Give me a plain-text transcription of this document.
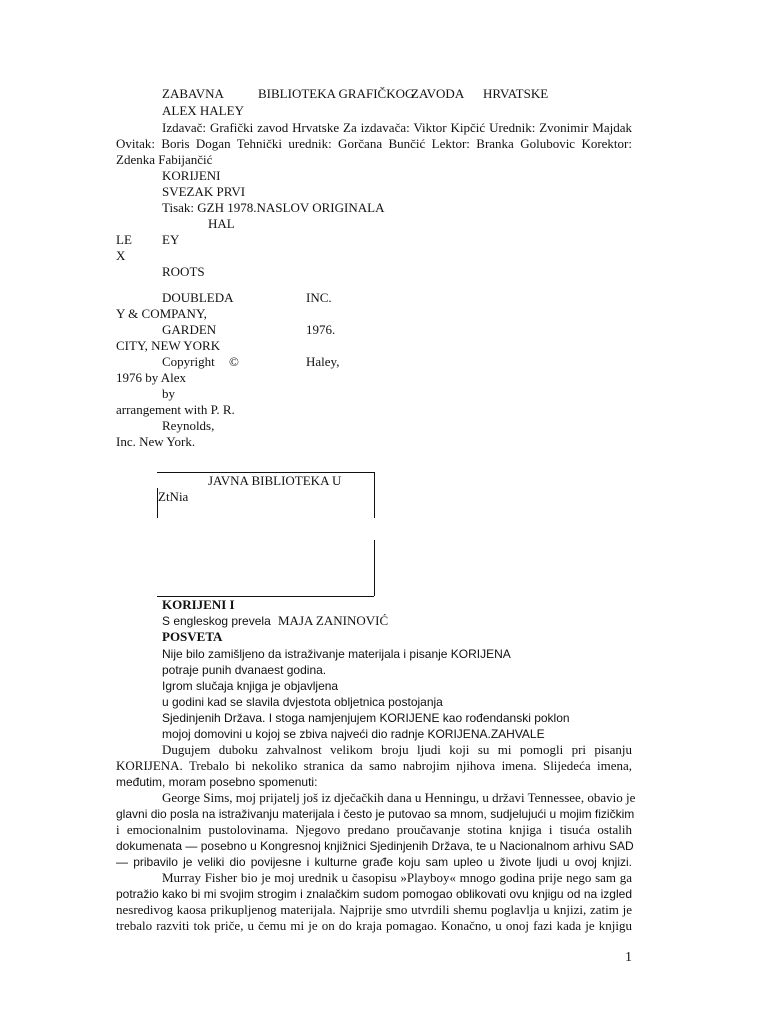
ZABAVNA	BIBLIOTEKA GRAFIČKOG
ZAVODA HRVATSKE
ALEX HALEY
Izdavač: Grafički zavod Hrvatske Za izdavača: Viktor Kipčić Urednik: Zvonimir Majdak
Ovitak: Boris Dogan Tehnički urednik: Gorčana Bunčić Lektor: Branka Golubovic Korektor:
Zdenka Fabijančić
KORIJENI
SVEZAK PRVI
Tisak: GZH 1978.NASLOV ORIGINALA
HAL
LE EY
X
ROOTS
DOUBLEDA	INC.
Y & COMPANY,
GARDEN	1976.
CITY, NEW YORK
Copyright ©	Haley,
1976 by Alex
by
arrangement with P. R.
Reynolds,
Inc. New York.
JAVNA BIBLIOTEKA U
ZtNia
KORIJENI I
S engleskog prevela MAJA ZANINOVIĆ
POSVETA
Nije bilo zamišljeno da istraživanje materijala i pisanje KORIJENA
potraje punih dvanaest godina.
Igrom slučaja knjiga je objavljena
u godini kad se slavila dvjestota obljetnica postojanja
Sjedinjenih Država. I stoga namjenjujem KORIJENE kao rođendanski poklon
mojoj domovini u kojoj se zbiva najveći dio radnje KORIJENA.ZAHVALE
Dugujem duboku zahvalnost velikom broju ljudi koji su mi pomogli pri pisanju
KORIJENA. Trebalo bi nekoliko stranica da samo nabrojim njihova imena. Slijedeća imena,
međutim, moram posebno spomenuti:
George Sims, moj prijatelj još iz dječačkih dana u Henningu, u državi Tennessee, obavio je
glavni dio posla na istraživanju materijala i često je putovao sa mnom, sudjelujući u mojim fizičkim
i emocionalnim pustolovinama. Njegovo predano proučavanje stotina knjiga i tisuća ostalih
dokumenata — posebno u Kongresnoj knjižnici Sjedinjenih Država, te u Nacionalnom arhivu SAD
— pribavilo je veliki dio povijesne i kulturne građe koju sam upleo u živote ljudi u ovoj knjizi.
Murray Fisher bio je moj urednik u časopisu »Playboy« mnogo godina prije nego sam ga
potražio kako bi mi svojim strogim i znalačkim sudom pomogao oblikovati ovu knjigu od na izgled
nesredivog kaosa prikupljenog materijala. Najprije smo utvrdili shemu poglavlja u knjizi, zatim je
trebalo razviti tok priče, u čemu mi je on do kraja pomagao. Konačno, u onoj fazi kada je knjigu
1
